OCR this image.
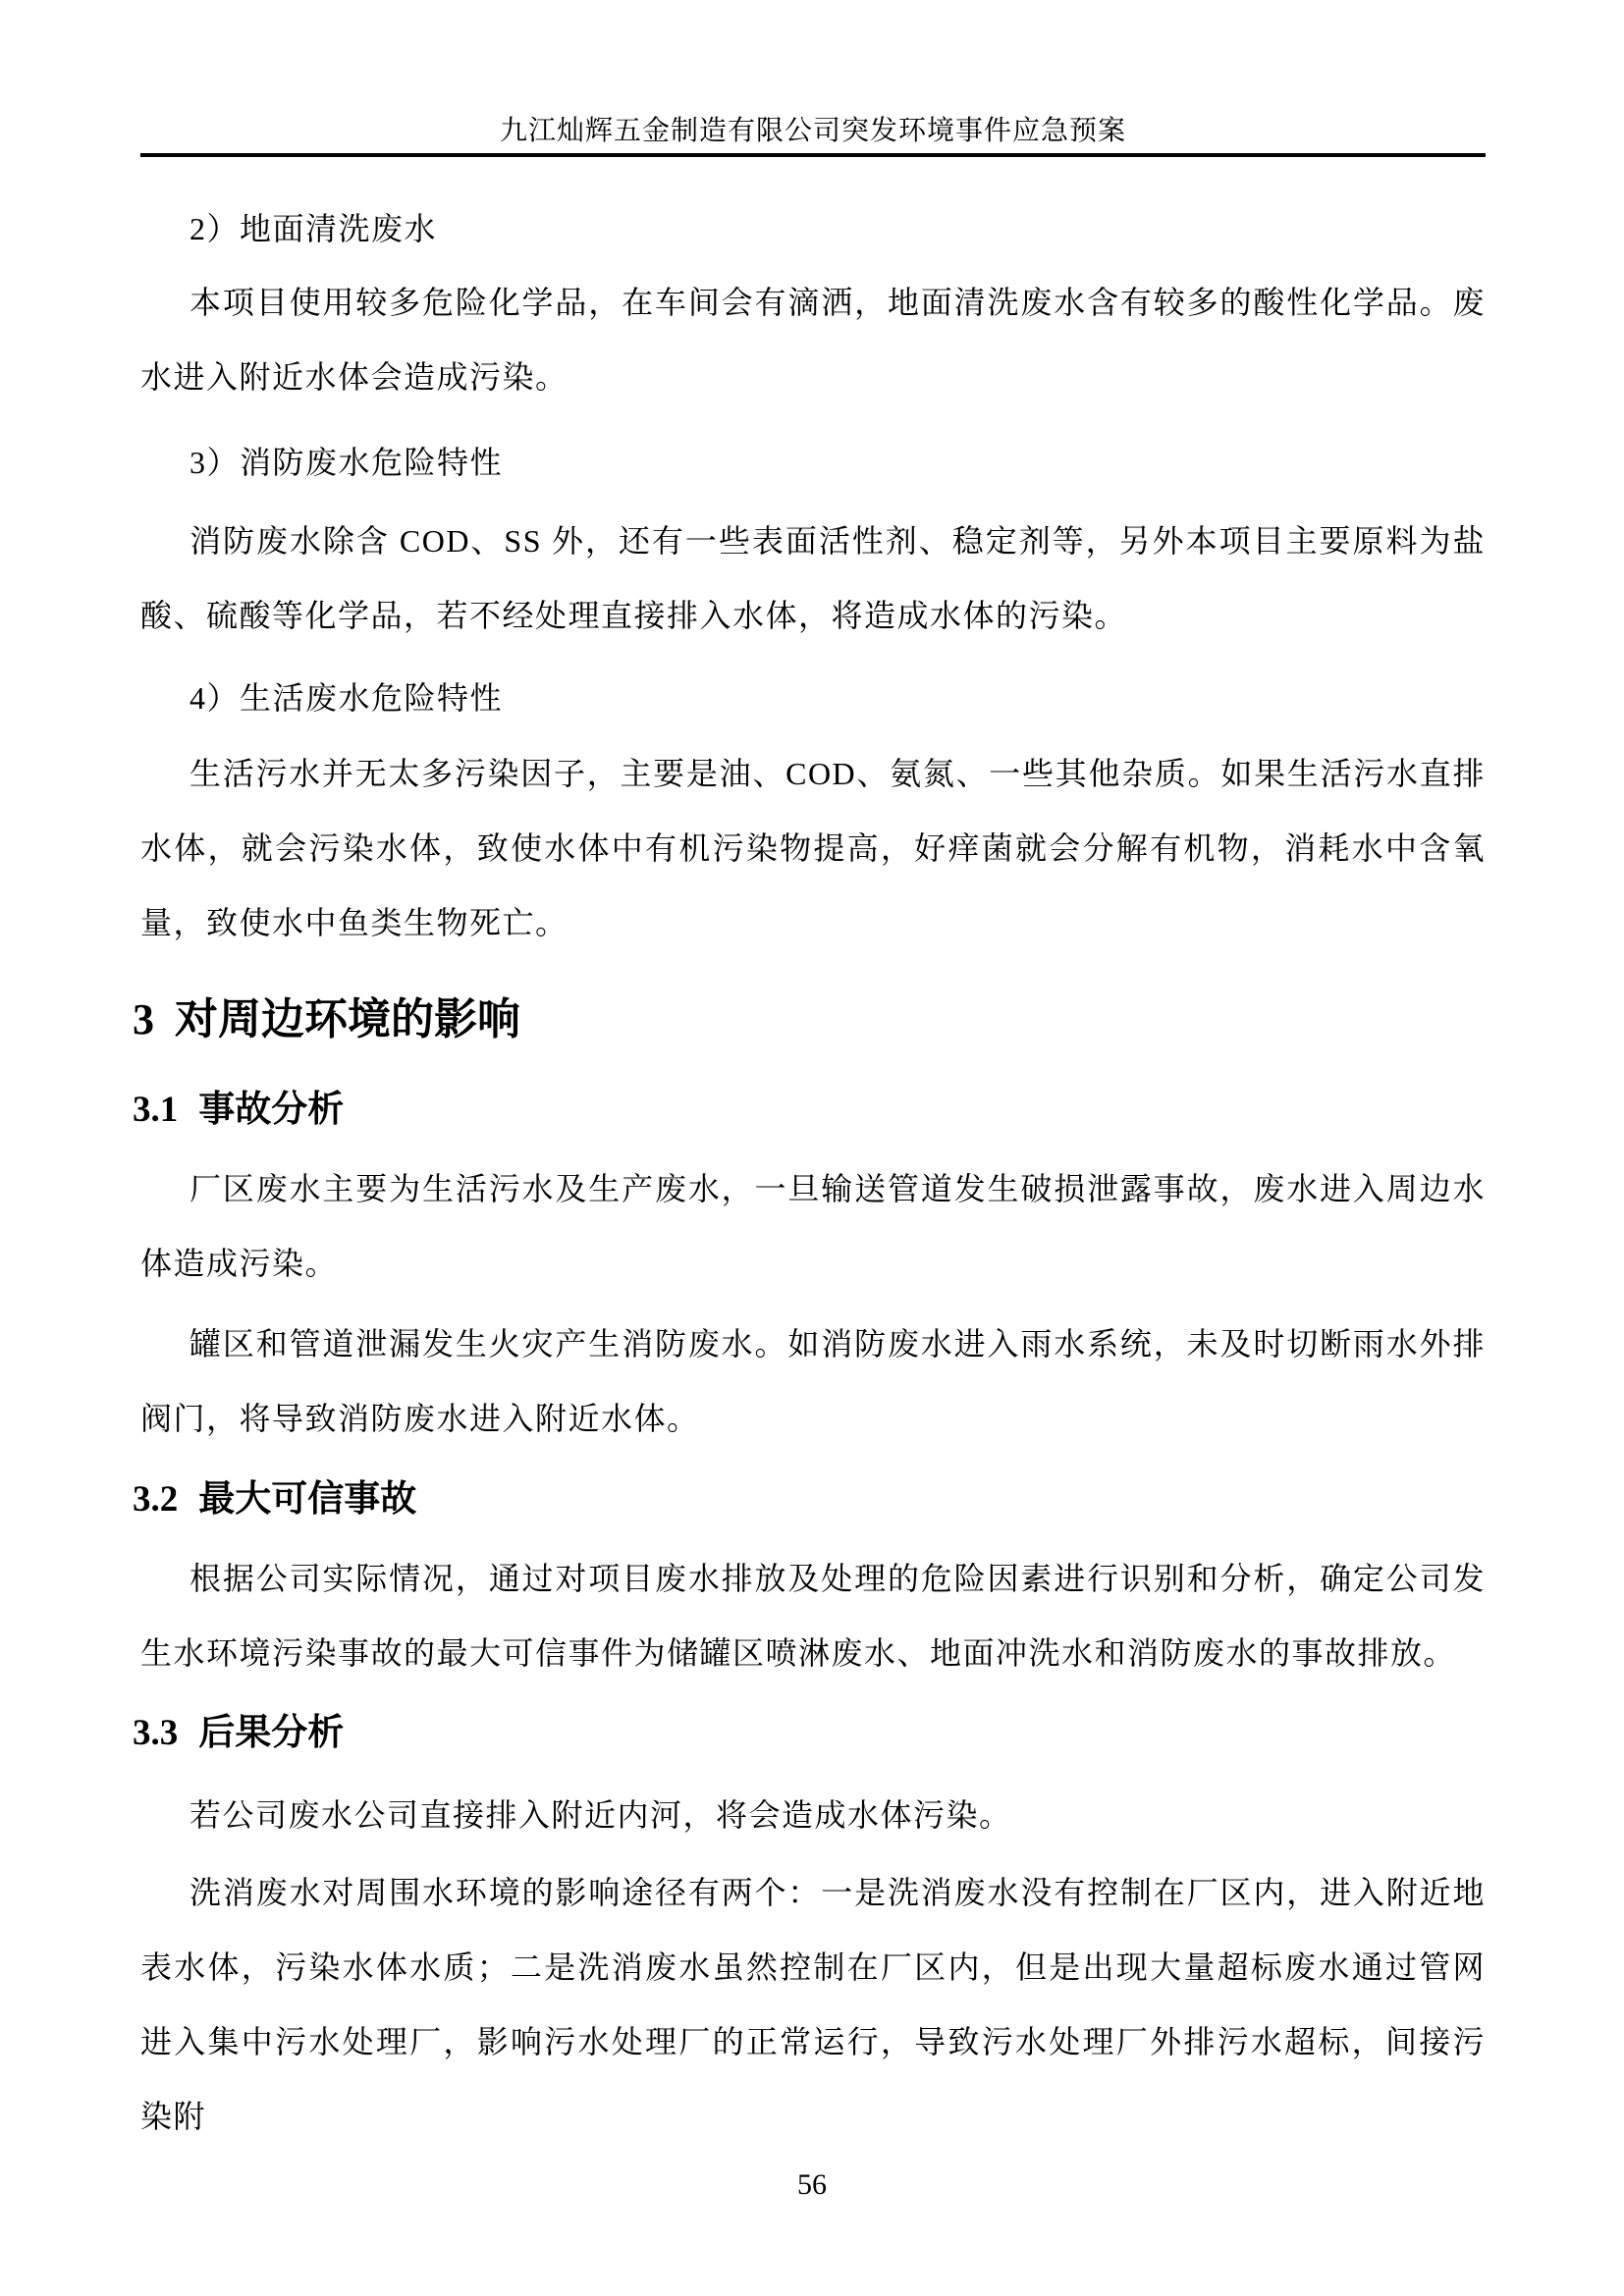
九江灿辉五金制造有限公司突发环境事件应急预案

2）地面清洗废水

本项目使用较多危险化学品，在车间会有滴洒，地面清洗废水含有较多的酸性化学品。废水进入附近水体会造成污染。

3）消防废水危险特性

消防废水除含 COD、SS 外，还有一些表面活性剂、稳定剂等，另外本项目主要原料为盐酸、硫酸等化学品，若不经处理直接排入水体，将造成水体的污染。

4）生活废水危险特性

生活污水并无太多污染因子，主要是油、COD、氨氮、一些其他杂质。如果生活污水直排水体，就会污染水体，致使水体中有机污染物提高，好痒菌就会分解有机物，消耗水中含氧量，致使水中鱼类生物死亡。

3 对周边环境的影响
3.1 事故分析

厂区废水主要为生活污水及生产废水，一旦输送管道发生破损泄露事故，废水进入周边水体造成污染。

罐区和管道泄漏发生火灾产生消防废水。如消防废水进入雨水系统，未及时切断雨水外排阀门，将导致消防废水进入附近水体。

3.2 最大可信事故

根据公司实际情况，通过对项目废水排放及处理的危险因素进行识别和分析，确定公司发生水环境污染事故的最大可信事件为储罐区喷淋废水、地面冲洗水和消防废水的事故排放。

3.3 后果分析

若公司废水公司直接排入附近内河，将会造成水体污染。

洗消废水对周围水环境的影响途径有两个：一是洗消废水没有控制在厂区内，进入附近地表水体，污染水体水质；二是洗消废水虽然控制在厂区内，但是出现大量超标废水通过管网进入集中污水处理厂，影响污水处理厂的正常运行，导致污水处理厂外排污水超标，间接污染附

56
